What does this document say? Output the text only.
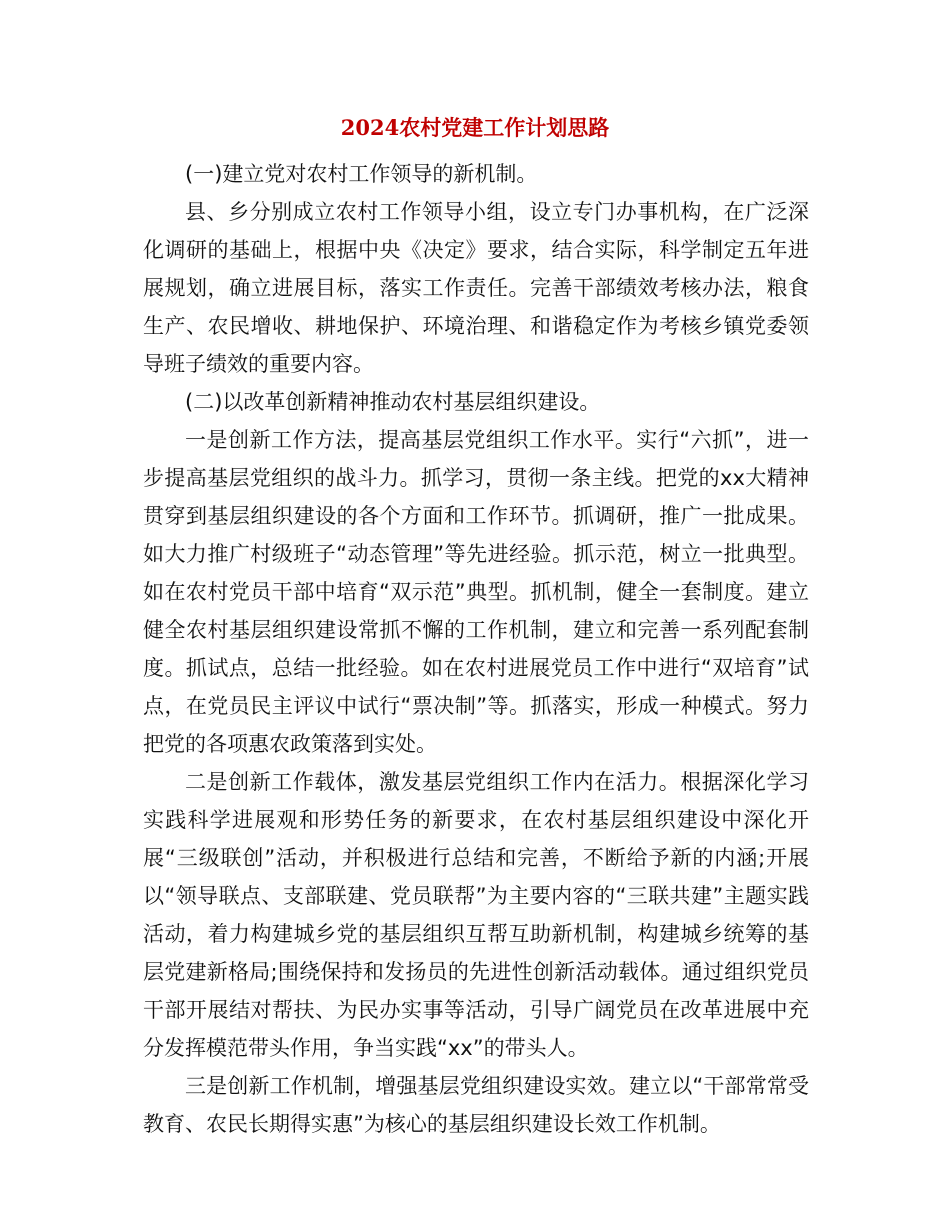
2024农村党建工作计划思路

(一)建立党对农村工作领导的新机制。

县、乡分别成立农村工作领导小组，设立专门办事机构，在广泛深化调研的基础上，根据中央《决定》要求，结合实际，科学制定五年进展规划，确立进展目标，落实工作责任。完善干部绩效考核办法，粮食生产、农民增收、耕地保护、环境治理、和谐稳定作为考核乡镇党委领导班子绩效的重要内容。

(二)以改革创新精神推动农村基层组织建设。

一是创新工作方法，提高基层党组织工作水平。实行“六抓”，进一步提高基层党组织的战斗力。抓学习，贯彻一条主线。把党的xx大精神贯穿到基层组织建设的各个方面和工作环节。抓调研，推广一批成果。如大力推广村级班子“动态管理”等先进经验。抓示范，树立一批典型。如在农村党员干部中培育“双示范”典型。抓机制，健全一套制度。建立健全农村基层组织建设常抓不懈的工作机制，建立和完善一系列配套制度。抓试点，总结一批经验。如在农村进展党员工作中进行“双培育”试点，在党员民主评议中试行“票决制”等。抓落实，形成一种模式。努力把党的各项惠农政策落到实处。

二是创新工作载体，激发基层党组织工作内在活力。根据深化学习实践科学进展观和形势任务的新要求，在农村基层组织建设中深化开展“三级联创”活动，并积极进行总结和完善，不断给予新的内涵;开展以“领导联点、支部联建、党员联帮”为主要内容的“三联共建”主题实践活动，着力构建城乡党的基层组织互帮互助新机制，构建城乡统筹的基层党建新格局;围绕保持和发扬员的先进性创新活动载体。通过组织党员干部开展结对帮扶、为民办实事等活动，引导广阔党员在改革进展中充分发挥模范带头作用，争当实践“xx”的带头人。

三是创新工作机制，增强基层党组织建设实效。建立以“干部常常受教育、农民长期得实惠”为核心的基层组织建设长效工作机制。
